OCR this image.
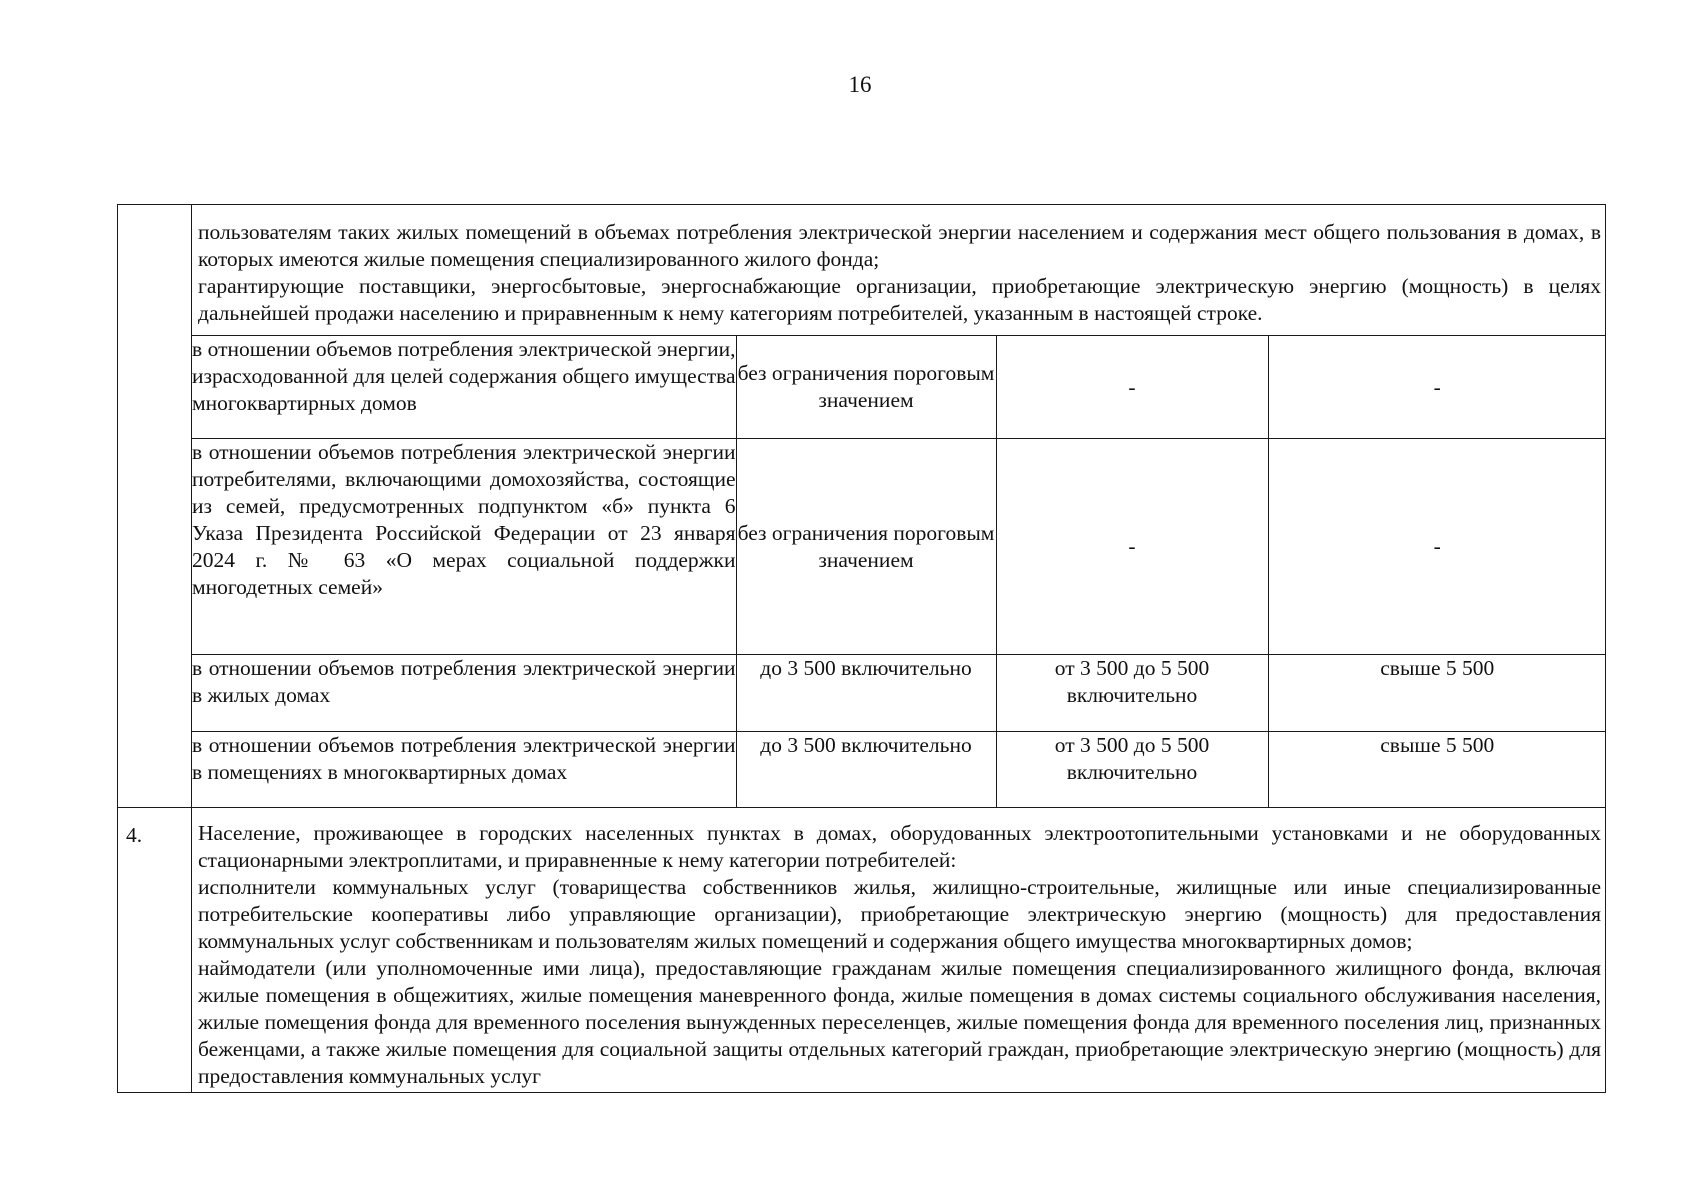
16

пользователям таких жилых помещений в объемах потребления электрической энергии населением и содержания мест общего пользования в домах, в которых имеются жилые помещения специализированного жилого фонда;

гарантирующие поставщики, энергосбытовые, энергоснабжающие организации, приобретающие электрическую энергию (мощность) в целях дальнейшей продажи населению и приравненным к нему категориям потребителей, указанным в настоящей строке.

в отношении объемов потребления электрической энергии, израсходованной для целей содержания общего имущества многоквартирных домов	без ограничения пороговым значением	-	-
в отношении объемов потребления электрической энергии потребителями, включающими домохозяйства, состоящие из семей, предусмотренных подпунктом «б» пункта 6 Указа Президента Российской Федерации от 23 января 2024 г. № 63 «О мерах социальной поддержки многодетных семей»	без ограничения пороговым значением	-	-
в отношении объемов потребления электрической энергии в жилых домах	до 3 500 включительно	от 3 500 до 5 500 включительно	свыше 5 500
в отношении объемов потребления электрической энергии в помещениях в многоквартирных домах	до 3 500 включительно	от 3 500 до 5 500 включительно	свыше 5 500

4.	Население, проживающее в городских населенных пунктах в домах, оборудованных электроотопительными установками и не оборудованных стационарными электроплитами, и приравненные к нему категории потребителей:

исполнители коммунальных услуг (товарищества собственников жилья, жилищно-строительные, жилищные или иные специализированные потребительские кооперативы либо управляющие организации), приобретающие электрическую энергию (мощность) для предоставления коммунальных услуг собственникам и пользователям жилых помещений и содержания общего имущества многоквартирных домов;

наймодатели (или уполномоченные ими лица), предоставляющие гражданам жилые помещения специализированного жилищного фонда, включая жилые помещения в общежитиях, жилые помещения маневренного фонда, жилые помещения в домах системы социального обслуживания населения, жилые помещения фонда для временного поселения вынужденных переселенцев, жилые помещения фонда для временного поселения лиц, признанных беженцами, а также жилые помещения для социальной защиты отдельных категорий граждан, приобретающие электрическую энергию (мощность) для предоставления коммунальных услуг
